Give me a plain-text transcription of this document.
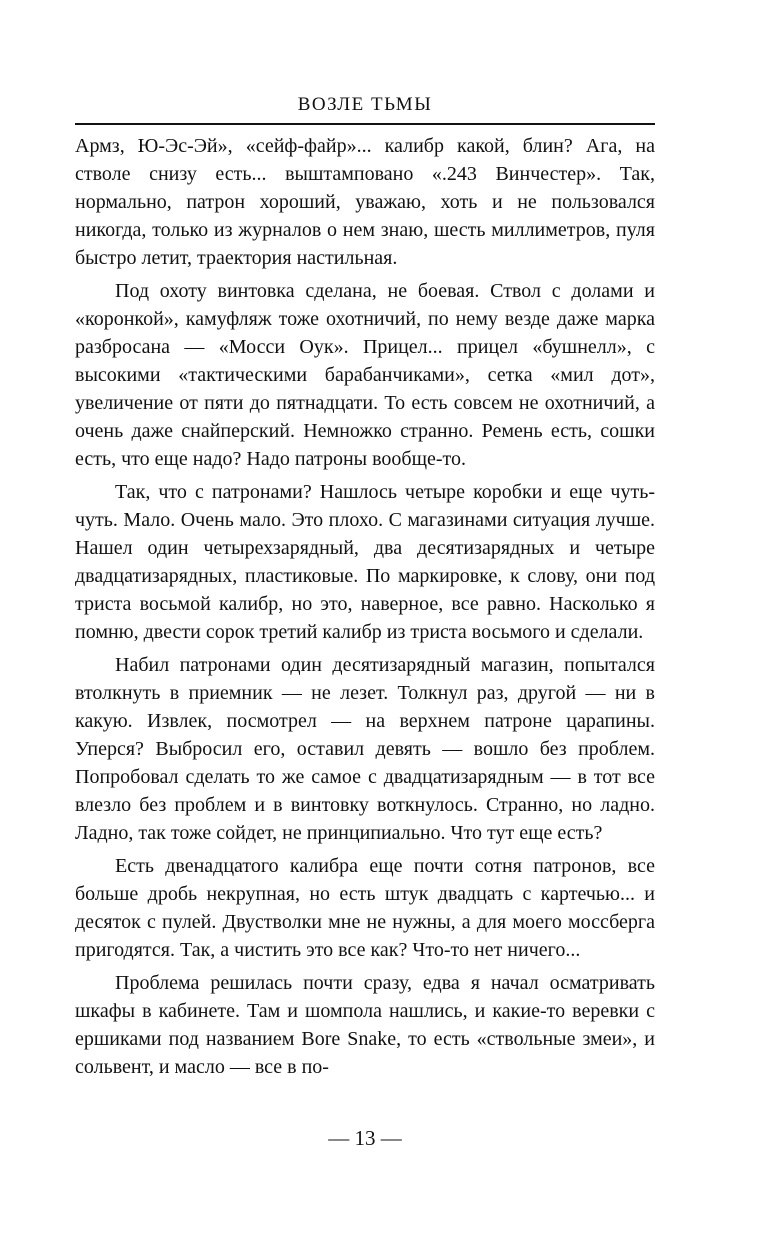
ВОЗЛЕ ТЬМЫ

Армз, Ю-Эс-Эй», «сейф-файр»... калибр какой, блин? Ага, на стволе снизу есть... выштамповано «.243 Винчестер». Так, нормально, патрон хороший, уважаю, хоть и не пользовался никогда, только из журналов о нем знаю, шесть миллиметров, пуля быстро летит, траектория настильная.

Под охоту винтовка сделана, не боевая. Ствол с долами и «коронкой», камуфляж тоже охотничий, по нему везде даже марка разбросана — «Мосси Оук». Прицел... прицел «бушнелл», с высокими «тактическими барабанчиками», сетка «мил дот», увеличение от пяти до пятнадцати. То есть совсем не охотничий, а очень даже снайперский. Немножко странно. Ремень есть, сошки есть, что еще надо? Надо патроны вообще-то.

Так, что с патронами? Нашлось четыре коробки и еще чуть-чуть. Мало. Очень мало. Это плохо. С магазинами ситуация лучше. Нашел один четырехзарядный, два десятизарядных и четыре двадцатизарядных, пластиковые. По маркировке, к слову, они под триста восьмой калибр, но это, наверное, все равно. Насколько я помню, двести сорок третий калибр из триста восьмого и сделали.

Набил патронами один десятизарядный магазин, попытался втолкнуть в приемник — не лезет. Толкнул раз, другой — ни в какую. Извлек, посмотрел — на верхнем патроне царапины. Уперся? Выбросил его, оставил девять — вошло без проблем. Попробовал сделать то же самое с двадцатизарядным — в тот все влезло без проблем и в винтовку воткнулось. Странно, но ладно. Ладно, так тоже сойдет, не принципиально. Что тут еще есть?

Есть двенадцатого калибра еще почти сотня патронов, все больше дробь некрупная, но есть штук двадцать с картечью... и десяток с пулей. Двустволки мне не нужны, а для моего моссберга пригодятся. Так, а чистить это все как? Что-то нет ничего...

Проблема решилась почти сразу, едва я начал осматривать шкафы в кабинете. Там и шомпола нашлись, и какие-то веревки с ершиками под названием Bore Snake, то есть «ствольные змеи», и сольвент, и масло — все в по-

— 13 —
